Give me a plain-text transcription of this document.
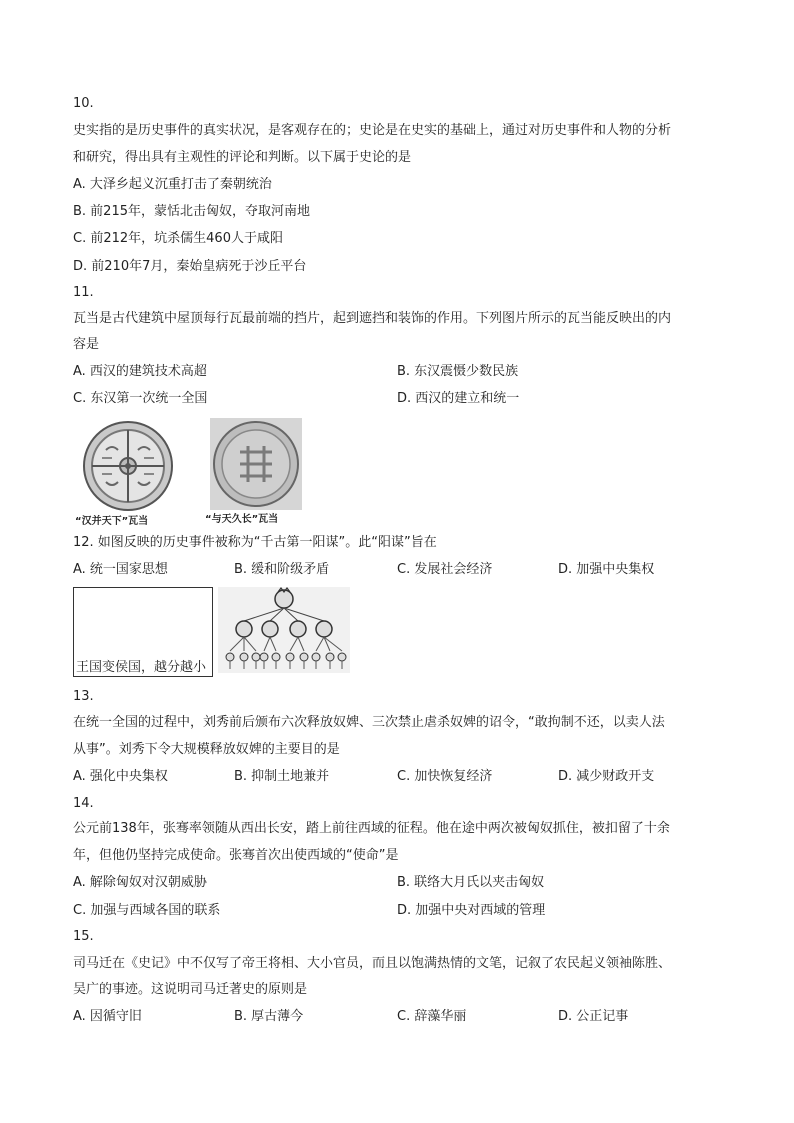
10.
史实指的是历史事件的真实状况，是客观存在的；史论是在史实的基础上，通过对历史事件和人物的分析
和研究，得出具有主观性的评论和判断。以下属于史论的是
A. 大泽乡起义沉重打击了秦朝统治
B. 前215年，蒙恬北击匈奴，夺取河南地
C. 前212年，坑杀儒生460人于咸阳
D. 前210年7月，秦始皇病死于沙丘平台
11.
瓦当是古代建筑中屋顶每行瓦最前端的挡片，起到遮挡和装饰的作用。下列图片所示的瓦当能反映出的内
容是
A. 西汉的建筑技术高超	B. 东汉震慑少数民族
C. 东汉第一次统一全国	D. 西汉的建立和统一
“汉并天下”瓦当	“与天久长”瓦当
12. 如图反映的历史事件被称为“千古第一阳谋”。此“阳谋”旨在
A. 统一国家思想	B. 缓和阶级矛盾	C. 发展社会经济	D. 加强中央集权
王国变侯国，越分越小
13.
在统一全国的过程中，刘秀前后颁布六次释放奴婢、三次禁止虐杀奴婢的诏令，“敢拘制不还，以卖人法
从事”。刘秀下令大规模释放奴婢的主要目的是
A. 强化中央集权	B. 抑制土地兼并	C. 加快恢复经济	D. 减少财政开支
14.
公元前138年，张骞率领随从西出长安，踏上前往西域的征程。他在途中两次被匈奴抓住，被扣留了十余
年，但他仍坚持完成使命。张骞首次出使西域的“使命”是
A. 解除匈奴对汉朝威胁	B. 联络大月氏以夹击匈奴
C. 加强与西域各国的联系	D. 加强中央对西域的管理
15.
司马迁在《史记》中不仅写了帝王将相、大小官员，而且以饱满热情的文笔，记叙了农民起义领袖陈胜、
吴广的事迹。这说明司马迁著史的原则是
A. 因循守旧	B. 厚古薄今	C. 辞藻华丽	D. 公正记事
